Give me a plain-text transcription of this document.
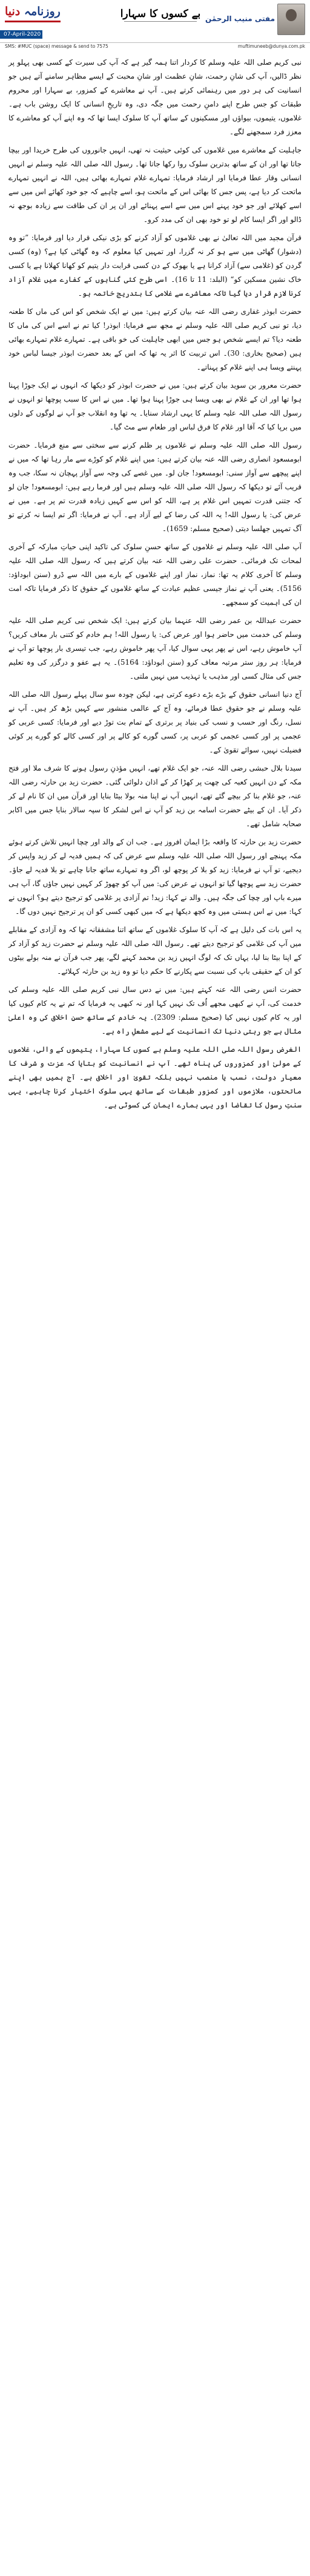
روزنامہ دنیا
07-April-2020
بے کسوں کا سہارا مفتی منیب الرحمٰن
SMS: #MUC (space) message & send to 7575	muftimuneeb@dunya.com.pk

نبی کریم صلی اللہ علیہ وسلم کا کردار اتنا ہمہ گیر ہے کہ آپ کی سیرت کے کسی بھی پہلو پر نظر ڈالیں، آپ کی شانِ رحمت، شانِ عظمت اور شانِ محبت کے ایسے مظاہر سامنے آتے ہیں جو انسانیت کی ہر دور میں رہنمائی کرتے ہیں۔ آپ نے معاشرے کے کمزور، بے سہارا اور محروم طبقات کو جس طرح اپنے دامنِ رحمت میں جگہ دی، وہ تاریخِ انسانی کا ایک روشن باب ہے۔ غلاموں، یتیموں، بیواؤں اور مسکینوں کے ساتھ آپ کا سلوک ایسا تھا کہ وہ اپنے آپ کو معاشرے کا معزز فرد سمجھنے لگے۔

جاہلیت کے معاشرے میں غلاموں کی کوئی حیثیت نہ تھی، انہیں جانوروں کی طرح خریدا اور بیچا جاتا تھا اور ان کے ساتھ بدترین سلوک روا رکھا جاتا تھا۔ رسول اللہ صلی اللہ علیہ وسلم نے انہیں انسانی وقار عطا فرمایا اور ارشاد فرمایا: تمہارے غلام تمہارے بھائی ہیں، اللہ نے انہیں تمہارے ماتحت کر دیا ہے، پس جس کا بھائی اس کے ماتحت ہو، اسے چاہیے کہ جو خود کھائے اس میں سے اسے کھلائے اور جو خود پہنے اس میں سے اسے پہنائے اور ان پر ان کی طاقت سے زیادہ بوجھ نہ ڈالو اور اگر ایسا کام لو تو خود بھی ان کی مدد کرو۔

قرآن مجید میں اللہ تعالیٰ نے بھی غلاموں کو آزاد کرنے کو بڑی نیکی قرار دیا اور فرمایا: ”تو وہ (دشوار) گھاٹی میں سے ہو کر نہ گزرا، اور تمہیں کیا معلوم کہ وہ گھاٹی کیا ہے؟ (وہ) کسی گردن کو (غلامی سے) آزاد کرانا ہے یا بھوک کے دن کسی قرابت دار یتیم کو کھانا کھلانا ہے یا کسی خاک نشین مسکین کو“ (البلد: 11 تا 16)۔ اسی طرح کئی گناہوں کے کفارے میں غلام آزاد کرنا لازم قرار دیا گیا تاکہ معاشرے سے غلامی کا بتدریج خاتمہ ہو۔

حضرت ابوذر غفاری رضی اللہ عنہ بیان کرتے ہیں: میں نے ایک شخص کو اس کی ماں کا طعنہ دیا، تو نبی کریم صلی اللہ علیہ وسلم نے مجھ سے فرمایا: ابوذر! کیا تم نے اسے اس کی ماں کا طعنہ دیا؟ تم ایسے شخص ہو جس میں ابھی جاہلیت کی خو باقی ہے۔ تمہارے غلام تمہارے بھائی ہیں (صحیح بخاری: 30)۔ اس تربیت کا اثر یہ تھا کہ اس کے بعد حضرت ابوذر جیسا لباس خود پہنتے ویسا ہی اپنے غلام کو پہناتے۔

حضرت معرور بن سوید بیان کرتے ہیں: میں نے حضرت ابوذر کو دیکھا کہ انہوں نے ایک جوڑا پہنا ہوا تھا اور ان کے غلام نے بھی ویسا ہی جوڑا پہنا ہوا تھا۔ میں نے اس کا سبب پوچھا تو انہوں نے رسول اللہ صلی اللہ علیہ وسلم کا یہی ارشاد سنایا۔ یہ تھا وہ انقلاب جو آپ نے لوگوں کے دلوں میں برپا کیا کہ آقا اور غلام کا فرق لباس اور طعام سے مٹ گیا۔

رسول اللہ صلی اللہ علیہ وسلم نے غلاموں پر ظلم کرنے سے سختی سے منع فرمایا۔ حضرت ابومسعود انصاری رضی اللہ عنہ بیان کرتے ہیں: میں اپنے غلام کو کوڑے سے مار رہا تھا کہ میں نے اپنے پیچھے سے آواز سنی: ابومسعود! جان لو۔ میں غصے کی وجہ سے آواز پہچان نہ سکا، جب وہ قریب آئے تو دیکھا کہ رسول اللہ صلی اللہ علیہ وسلم ہیں اور فرما رہے ہیں: ابومسعود! جان لو کہ جتنی قدرت تمہیں اس غلام پر ہے، اللہ کو اس سے کہیں زیادہ قدرت تم پر ہے۔ میں نے عرض کی: یا رسول اللہ! یہ اللہ کی رضا کے لیے آزاد ہے۔ آپ نے فرمایا: اگر تم ایسا نہ کرتے تو آگ تمہیں جھلسا دیتی (صحیح مسلم: 1659)۔

آپ صلی اللہ علیہ وسلم نے غلاموں کے ساتھ حسنِ سلوک کی تاکید اپنی حیاتِ مبارکہ کے آخری لمحات تک فرمائی۔ حضرت علی رضی اللہ عنہ بیان کرتے ہیں کہ رسول اللہ صلی اللہ علیہ وسلم کا آخری کلام یہ تھا: نماز، نماز اور اپنے غلاموں کے بارے میں اللہ سے ڈرو (سنن ابوداؤد: 5156)۔ یعنی آپ نے نماز جیسی عظیم عبادت کے ساتھ غلاموں کے حقوق کا ذکر فرمایا تاکہ امت ان کی اہمیت کو سمجھے۔

حضرت عبداللہ بن عمر رضی اللہ عنہما بیان کرتے ہیں: ایک شخص نبی کریم صلی اللہ علیہ وسلم کی خدمت میں حاضر ہوا اور عرض کی: یا رسول اللہ! ہم خادم کو کتنی بار معاف کریں؟ آپ خاموش رہے، اس نے پھر یہی سوال کیا، آپ پھر خاموش رہے، جب تیسری بار پوچھا تو آپ نے فرمایا: ہر روز ستر مرتبہ معاف کرو (سنن ابوداؤد: 5164)۔ یہ ہے عفو و درگزر کی وہ تعلیم جس کی مثال کسی اور مذہب یا تہذیب میں نہیں ملتی۔

آج دنیا انسانی حقوق کے بڑے بڑے دعوے کرتی ہے، لیکن چودہ سو سال پہلے رسول اللہ صلی اللہ علیہ وسلم نے جو حقوق عطا فرمائے، وہ آج کے عالمی منشور سے کہیں بڑھ کر ہیں۔ آپ نے نسل، رنگ اور حسب و نسب کی بنیاد پر برتری کے تمام بت توڑ دیے اور فرمایا: کسی عربی کو عجمی پر اور کسی عجمی کو عربی پر، کسی گورے کو کالے پر اور کسی کالے کو گورے پر کوئی فضیلت نہیں، سوائے تقویٰ کے۔

سیدنا بلال حبشی رضی اللہ عنہ، جو ایک غلام تھے، انہیں مؤذنِ رسول ہونے کا شرف ملا اور فتح مکہ کے دن انہیں کعبہ کی چھت پر کھڑا کر کے اذان دلوائی گئی۔ حضرت زید بن حارثہ رضی اللہ عنہ، جو غلام بنا کر بیچے گئے تھے، انہیں آپ نے اپنا منہ بولا بیٹا بنایا اور قرآن میں ان کا نام لے کر ذکر آیا۔ ان کے بیٹے حضرت اسامہ بن زید کو آپ نے اس لشکر کا سپہ سالار بنایا جس میں اکابر صحابہ شامل تھے۔

حضرت زید بن حارثہ کا واقعہ بڑا ایمان افروز ہے۔ جب ان کے والد اور چچا انہیں تلاش کرتے ہوئے مکہ پہنچے اور رسول اللہ صلی اللہ علیہ وسلم سے عرض کی کہ ہمیں فدیہ لے کر زید واپس کر دیجیے، تو آپ نے فرمایا: زید کو بلا کر پوچھ لو، اگر وہ تمہارے ساتھ جانا چاہے تو بلا فدیہ لے جاؤ۔ حضرت زید سے پوچھا گیا تو انہوں نے عرض کی: میں آپ کو چھوڑ کر کہیں نہیں جاؤں گا، آپ ہی میرے باپ اور چچا کی جگہ ہیں۔ والد نے کہا: زید! تم آزادی پر غلامی کو ترجیح دیتے ہو؟ انہوں نے کہا: میں نے اس ہستی میں وہ کچھ دیکھا ہے کہ میں کبھی کسی کو ان پر ترجیح نہیں دوں گا۔

یہ اس بات کی دلیل ہے کہ آپ کا سلوک غلاموں کے ساتھ اتنا مشفقانہ تھا کہ وہ آزادی کے مقابلے میں آپ کی غلامی کو ترجیح دیتے تھے۔ رسول اللہ صلی اللہ علیہ وسلم نے حضرت زید کو آزاد کر کے اپنا بیٹا بنا لیا، یہاں تک کہ لوگ انہیں زید بن محمد کہنے لگے، پھر جب قرآن نے منہ بولے بیٹوں کو ان کے حقیقی باپ کی نسبت سے پکارنے کا حکم دیا تو وہ زید بن حارثہ کہلائے۔

حضرت انس رضی اللہ عنہ کہتے ہیں: میں نے دس سال نبی کریم صلی اللہ علیہ وسلم کی خدمت کی، آپ نے کبھی مجھے اُف تک نہیں کہا اور نہ کبھی یہ فرمایا کہ تم نے یہ کام کیوں کیا اور یہ کام کیوں نہیں کیا (صحیح مسلم: 2309)۔ یہ خادم کے ساتھ حسنِ اخلاق کی وہ اعلیٰ مثال ہے جو رہتی دنیا تک انسانیت کے لیے مشعلِ راہ ہے۔

الغرض رسول اللہ صلی اللہ علیہ وسلم بے کسوں کا سہارا، یتیموں کے والی، غلاموں کے مولیٰ اور کمزوروں کی پناہ تھے۔ آپ نے انسانیت کو بتایا کہ عزت و شرف کا معیار دولت، نسب یا منصب نہیں بلکہ تقویٰ اور اخلاق ہے۔ آج ہمیں بھی اپنے ماتحتوں، ملازموں اور کمزور طبقات کے ساتھ یہی سلوک اختیار کرنا چاہیے، یہی سنتِ رسول کا تقاضا اور یہی ہمارے ایمان کی کسوٹی ہے۔
